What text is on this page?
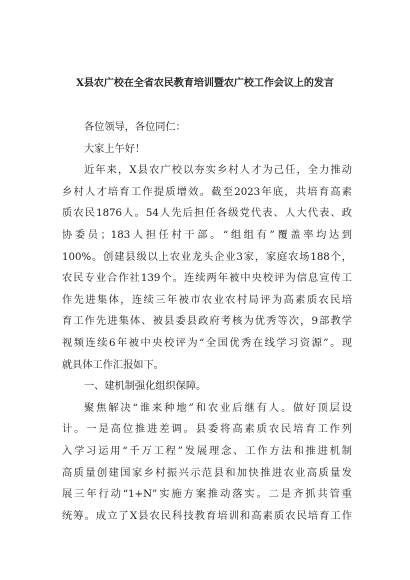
X县农广校在全省农民教育培训暨农广校工作会议上的发言
各位领导，各位同仁：
大家上午好！
近年来，X县农广校以夯实乡村人才为己任，全力推动
乡村人才培育工作提质增效。截至2023年底，共培育高素
质农民1876人。54人先后担任各级党代表、人大代表、政
协委员；183人担任村干部。“组组有”覆盖率均达到
100%。创建县级以上农业龙头企业3家，家庭农场188个，
农民专业合作社139个。连续两年被中央校评为信息宣传工
作先进集体，连续三年被市农业农村局评为高素质农民培
育工作先进集体、被县委县政府考核为优秀等次，9部教学
视频连续6年被中央校评为“全国优秀在线学习资源”。现
就具体工作汇报如下。
一、建机制强化组织保障。
聚焦解决“谁来种地”和农业后继有人。做好顶层设
计。一是高位推进差调。县委将高素质农民培育工作列
入学习运用“千万工程”发展理念、工作方法和推进机制
高质量创建国家乡村振兴示范县和加快推进农业高质量发
展三年行动“1+N”实施方案推动落实。二是齐抓共管重
统筹。成立了X县农民科技教育培训和高素质农民培育工作
